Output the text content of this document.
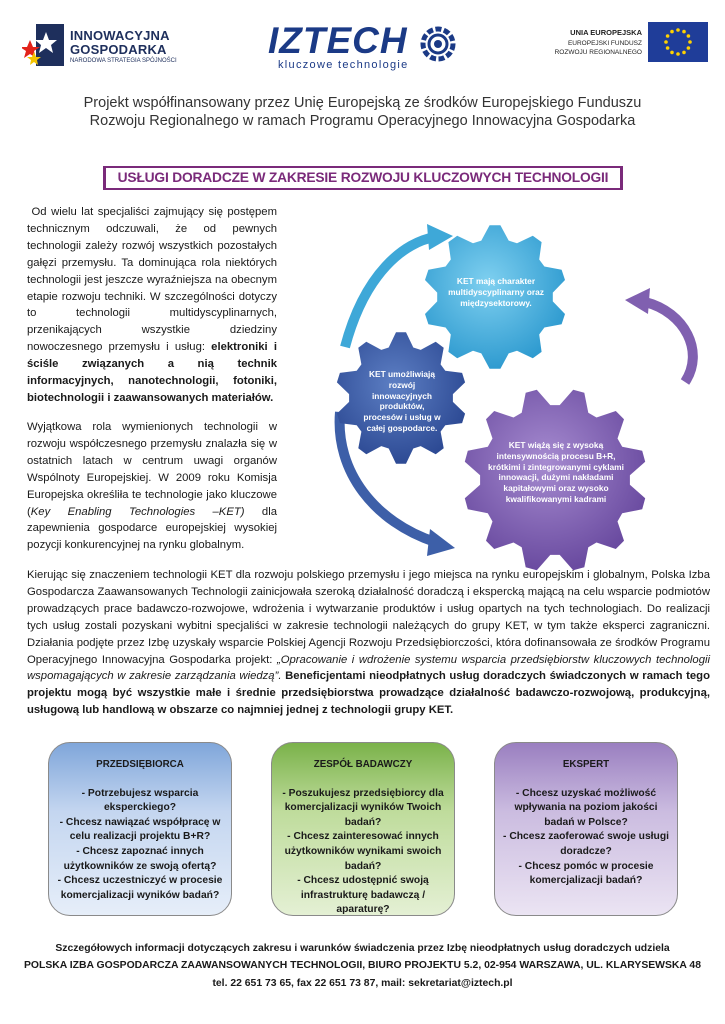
INNOWACYJNA
GOSPODARKA
NARODOWA STRATEGIA SPÓJNOŚCI IZTECH
kluczowe technologie
UNIA EUROPEJSKA
EUROPEJSKI FUNDUSZ
ROZWOJU REGIONALNEGO
Projekt współfinansowany przez Unię Europejską ze środków Europejskiego Funduszu
Rozwoju Regionalnego w ramach Programu Operacyjnego Innowacyjna Gospodarka
USŁUGI DORADCZE W ZAKRESIE ROZWOJU KLUCZOWYCH TECHNOLOGII
Od wielu lat specjaliści zajmujący się postępem technicznym odczuwali, że od pewnych technologii zależy rozwój wszystkich pozostałych gałęzi przemysłu. Ta dominująca rola niektórych technologii jest jeszcze wyraźniejsza na obecnym etapie rozwoju techniki. W szczególności dotyczy to technologii multidyscyplinarnych, przenikających wszystkie dziedziny nowoczesnego przemysłu i usług: elektroniki i ściśle związanych a nią technik informacyjnych, nanotechnologii, fotoniki, biotechnologii i zaawansowanych materiałów.
Wyjątkowa rola wymienionych technologii w rozwoju współczesnego przemysłu znalazła się w ostatnich latach w centrum uwagi organów Wspólnoty Europejskiej. W 2009 roku Komisja Europejska określiła te technologie jako kluczowe (Key Enabling Technologies –KET) dla zapewnienia gospodarce europejskiej wysokiej pozycji konkurencyjnej na rynku globalnym.
Kierując się znaczeniem technologii KET dla rozwoju polskiego przemysłu i jego miejsca na rynku europejskim i globalnym, Polska Izba Gospodarcza Zaawansowanych Technologii zainicjowała szeroką działalność doradczą i ekspercką mającą na celu wsparcie podmiotów prowadzących prace badawczo-rozwojowe, wdrożenia i wytwarzanie produktów i usług opartych na tych technologiach. Do realizacji tych usług zostali pozyskani wybitni specjaliści w zakresie technologii należących do grupy KET, w tym także eksperci zagraniczni. Działania podjęte przez Izbę uzyskały wsparcie Polskiej Agencji Rozwoju Przedsiębiorczości, która dofinansowała ze środków Programu Operacyjnego Innowacyjna Gospodarka projekt: „Opracowanie i wdrożenie systemu wsparcia przedsiębiorstw kluczowych technologii wspomagających w zakresie zarządzania wiedzą”. Beneficjentami nieodpłatnych usług doradczych świadczonych w ramach tego projektu mogą być wszystkie małe i średnie przedsiębiorstwa prowadzące działalność badawczo-rozwojową, produkcyjną, usługową lub handlową w obszarze co najmniej jednej z technologii grupy KET.
KET mają charakter multidyscyplinarny oraz międzysektorowy.
KET umożliwiają rozwój innowacyjnych produktów, procesów i usług w całej gospodarce.
KET wiążą się z wysoką intensywnością procesu B+R, krótkimi i zintegrowanymi cyklami innowacji, dużymi nakładami kapitałowymi oraz wysoko kwalifikowanymi kadrami
PRZEDSIĘBIORCA
- Potrzebujesz wsparcia
eksperckiego?
- Chcesz nawiązać współpracę w
celu realizacji projektu B+R?
- Chcesz zapoznać innych
użytkowników ze swoją ofertą?
- Chcesz uczestniczyć w procesie
komercjalizacji wyników badań?
ZESPÓŁ BADAWCZY
- Poszukujesz przedsiębiorcy dla
komercjalizacji wyników Twoich
badań?
- Chcesz zainteresować innych
użytkowników wynikami swoich
badań?
- Chcesz udostępnić swoją
infrastrukturę badawczą /
aparaturę?
EKSPERT
- Chcesz uzyskać możliwość
wpływania na poziom jakości
badań w Polsce?
- Chcesz zaoferować swoje usługi
doradcze?
- Chcesz pomóc w procesie
komercjalizacji badań?
Szczegółowych informacji dotyczących zakresu i warunków świadczenia przez Izbę nieodpłatnych usług doradczych udziela
POLSKA IZBA GOSPODARCZA ZAAWANSOWANYCH TECHNOLOGII, BIURO PROJEKTU 5.2, 02-954 WARSZAWA, UL. KLARYSEWSKA 48
tel. 22 651 73 65, fax 22 651 73 87, mail: sekretariat@iztech.pl
